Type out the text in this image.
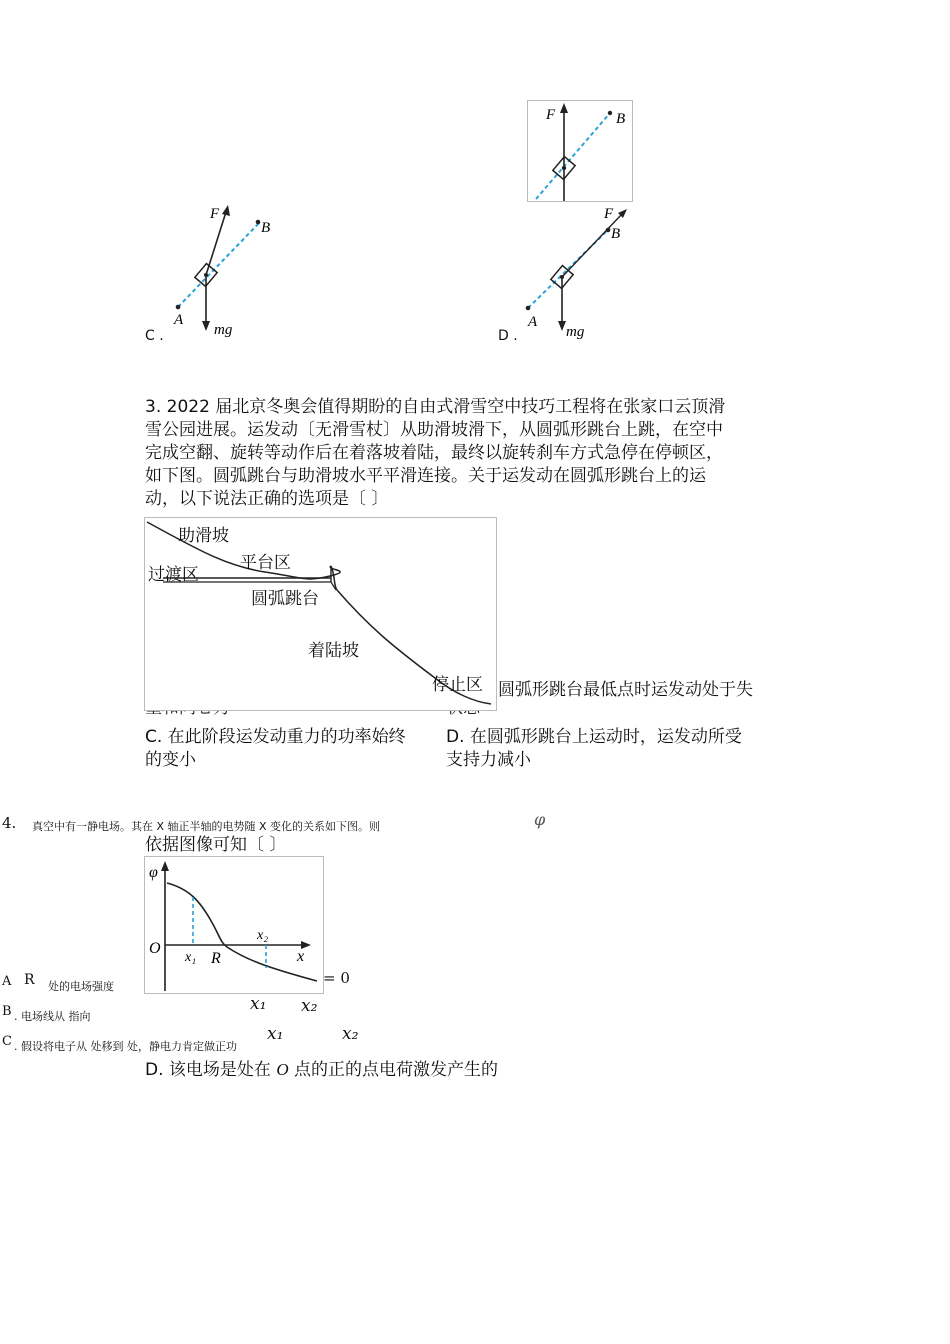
F	B
F
B
A
mg
C .
F
B
A
mg
D .
3. 2022 届北京冬奥会值得期盼的自由式滑雪空中技巧工程将在张家口云顶滑
雪公园进展。运发动〔无滑雪杖〕从助滑坡滑下，从圆弧形跳台上跳，在空中
完成空翻、旋转等动作后在着落坡着陆，最终以旋转刹车方式急停在停顿区，
如下图。圆弧跳台与助滑坡水平平滑连接。关于运发动在圆弧形跳台上的运
动，以下说法正确的选项是〔 〕
助滑坡
平台区
过渡区
圆弧跳台
着陆坡
停止区 圆弧形跳台最低点时运发动处于失
C. 在此阶段运发动重力的功率始终
的变小
D. 在圆弧形跳台上运动时，运发动所受
支持力减小
4. 真空中有一静电场。其在 X 轴正半轴的电势随 X 变化的关系如下图。则	φ
依据图像可知〔 〕
φ
O
x₁ R
x₂
x
= 0
x₁ x₂
A R 处的电场强度
B . 电场线从 指向
C . 假设将电子从 处移到 处，静电力肯定做正功
x₁	x₂
D. 该电场是处在 O 点的正的点电荷激发产生的
